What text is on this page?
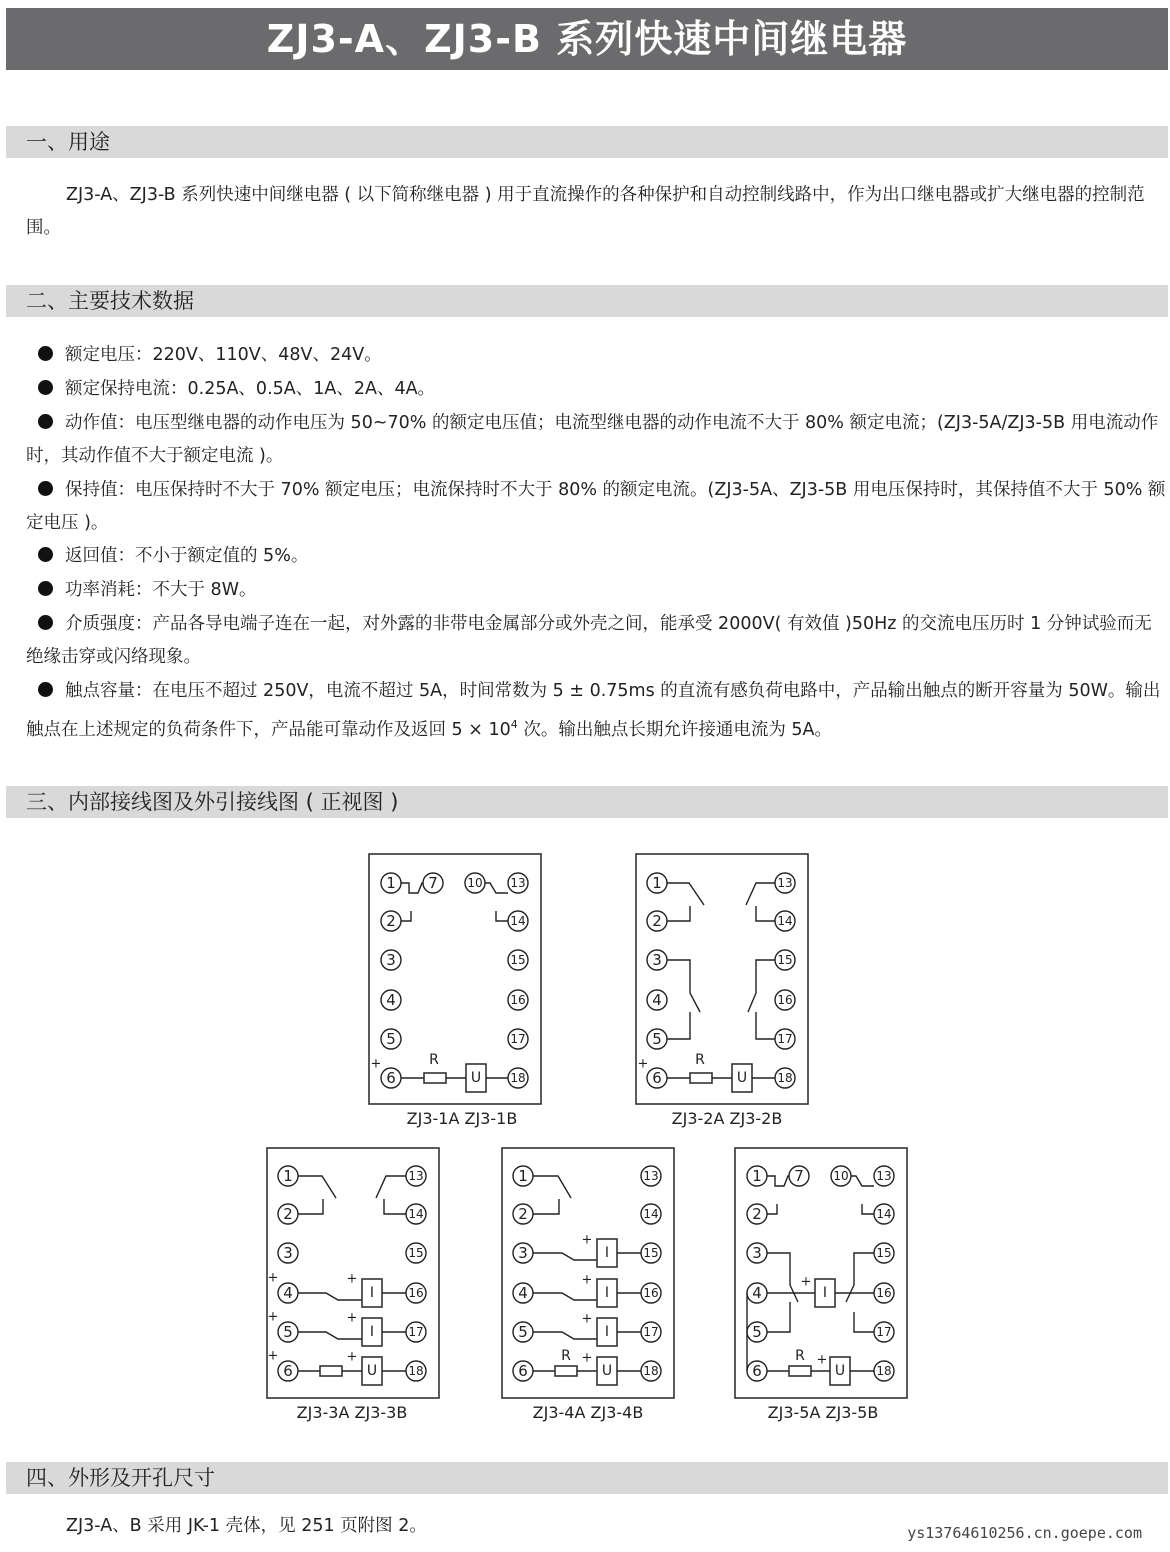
ZJ3-A、ZJ3-B 系列快速中间继电器
一、用途
ZJ3-A、ZJ3-B 系列快速中间继电器 ( 以下简称继电器 ) 用于直流操作的各种保护和自动控制线路中，作为出口继电器或扩大继电器的控制范围。
二、主要技术数据
额定电压：220V、110V、48V、24V。
额定保持电流：0.25A、0.5A、1A、2A、4A。
动作值：电压型继电器的动作电压为 50~70% 的额定电压值；电流型继电器的动作电流不大于 80% 额定电流；(ZJ3-5A/ZJ3-5B 用电流动作时，其动作值不大于额定电流 )。
保持值：电压保持时不大于 70% 额定电压；电流保持时不大于 80% 的额定电流。(ZJ3-5A、ZJ3-5B 用电压保持时，其保持值不大于 50% 额定电压 )。
返回值：不小于额定值的 5%。
功率消耗：不大于 8W。
介质强度：产品各导电端子连在一起，对外露的非带电金属部分或外壳之间，能承受 2000V( 有效值 )50Hz 的交流电压历时 1 分钟试验而无绝缘击穿或闪络现象。
触点容量：在电压不超过 250V，电流不超过 5A，时间常数为 5 ± 0.75ms 的直流有感负荷电路中，产品输出触点的断开容量为 50W。输出触点在上述规定的负荷条件下，产品能可靠动作及返回 $5 \times 10^4$ 次。输出触点长期允许接通电流为 5A。
三、内部接线图及外引接线图 ( 正视图 )
1
2
3
4
5
6
13
14
15
16
17
18
7 10
+	R
U
ZJ3-1A ZJ3-1B
1
2
3
4
5
6
13
14
15
16
17
18
+	R
U
ZJ3-2A ZJ3-2B
1
2
3
4
5
6
13
14
15
16
17
18
+	+
I
+	+
I
+	+
U
ZJ3-3A ZJ3-3B
1
2
3
4
5
6
13
14
15
16
17
18
+
I
+
I
+
I
R +
U
ZJ3-4A ZJ3-4B
1
2
3
4
5
6
13
14
15
16
17
18
7 10
+
I
R +
U
ZJ3-5A ZJ3-5B
四、外形及开孔尺寸
ZJ3-A、B 采用 JK-1 壳体，见 251 页附图 2。	ys13764610256.cn.goepe.com
